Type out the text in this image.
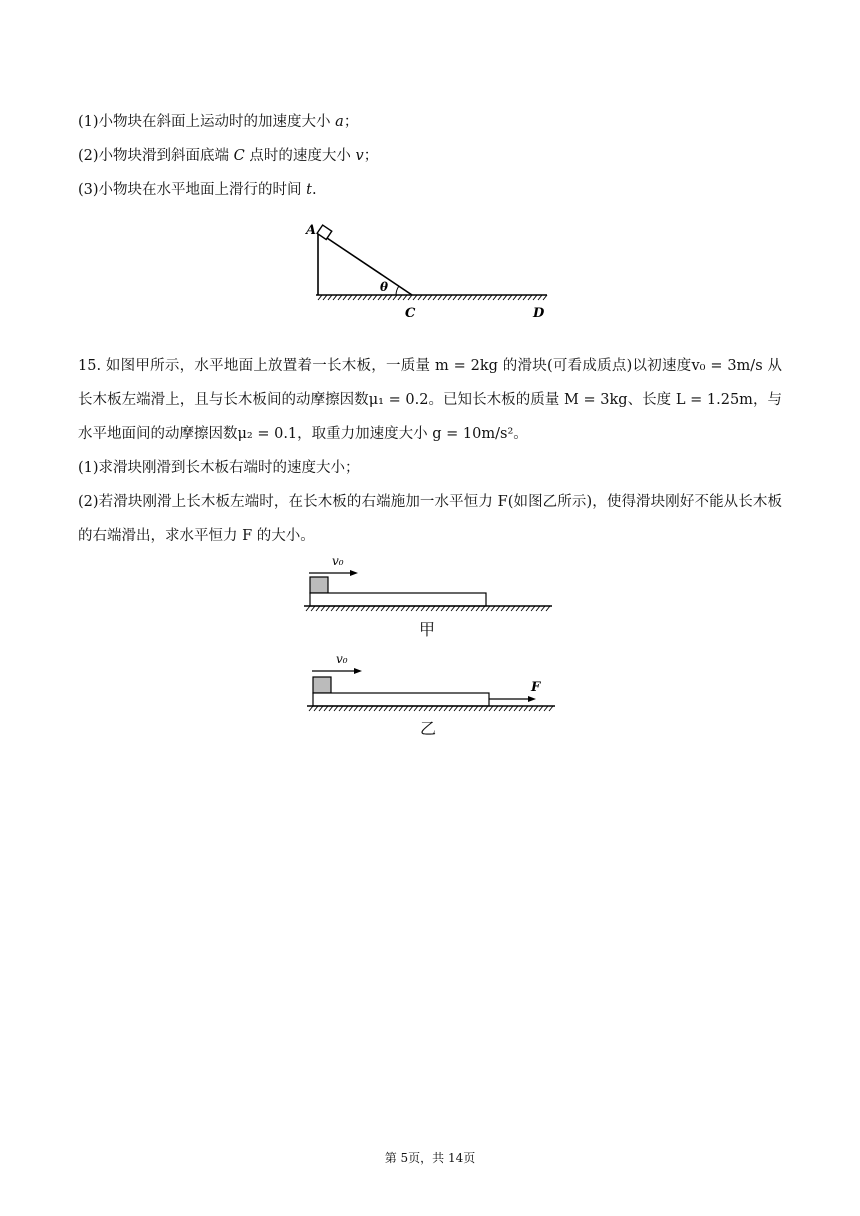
(1)小物块在斜面上运动时的加速度大小 a；
(2)小物块滑到斜面底端 C 点时的速度大小 v；
(3)小物块在水平地面上滑行的时间 t.
A
θ
C	D
15. 如图甲所示，水平地面上放置着一长木板，一质量 m = 2kg 的滑块(可看成质点)以初速度v₀ = 3m/s 从长木板左端滑上，且与长木板间的动摩擦因数μ₁ = 0.2。已知长木板的质量 M = 3kg、长度 L = 1.25m，与水平地面间的动摩擦因数μ₂ = 0.1，取重力加速度大小 g = 10m/s²。
(1)求滑块刚滑到长木板右端时的速度大小；
(2)若滑块刚滑上长木板左端时，在长木板的右端施加一水平恒力 F(如图乙所示)，使得滑块刚好不能从长木板的右端滑出，求水平恒力 F 的大小。
v₀
甲
v₀
F
乙
第 5页，共 14页
